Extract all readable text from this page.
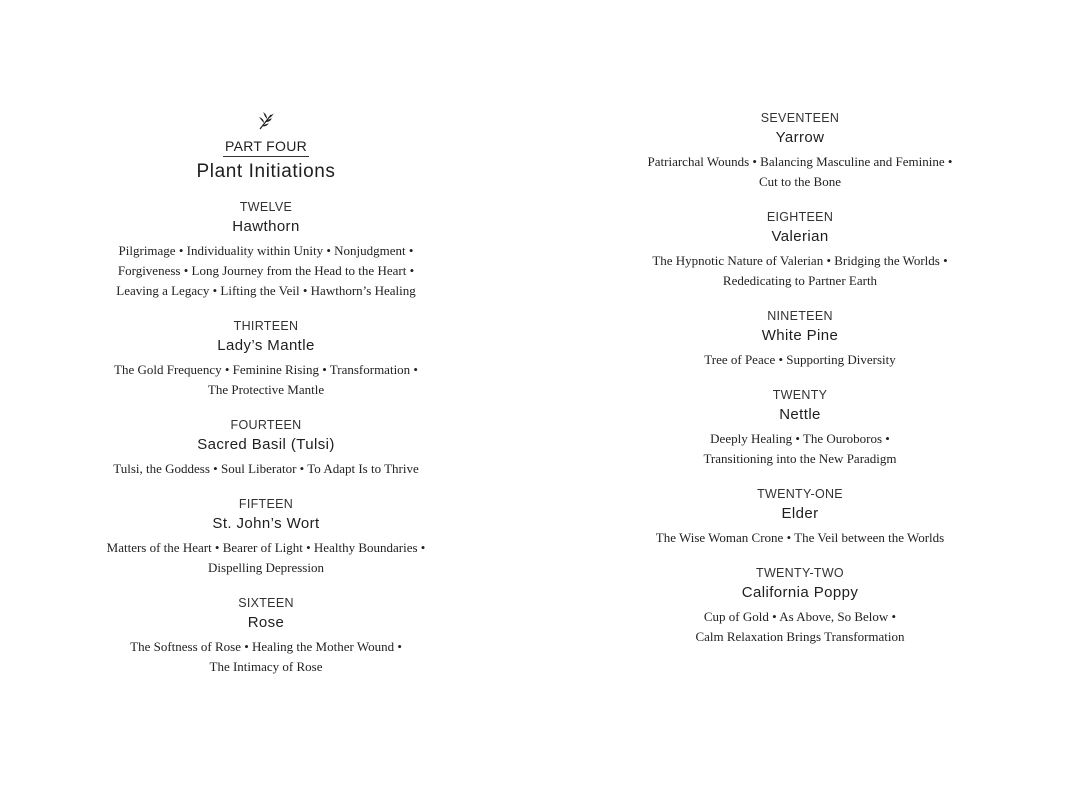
PART FOUR
Plant Initiations
TWELVE
Hawthorn
Pilgrimage • Individuality within Unity • Nonjudgment •
Forgiveness • Long Journey from the Head to the Heart •
Leaving a Legacy • Lifting the Veil • Hawthorn’s Healing
THIRTEEN
Lady’s Mantle
The Gold Frequency • Feminine Rising • Transformation •
The Protective Mantle
FOURTEEN
Sacred Basil (Tulsi)
Tulsi, the Goddess • Soul Liberator • To Adapt Is to Thrive
FIFTEEN
St. John’s Wort
Matters of the Heart • Bearer of Light • Healthy Boundaries •
Dispelling Depression
SIXTEEN
Rose
The Softness of Rose • Healing the Mother Wound •
The Intimacy of Rose
SEVENTEEN
Yarrow
Patriarchal Wounds • Balancing Masculine and Feminine •
Cut to the Bone
EIGHTEEN
Valerian
The Hypnotic Nature of Valerian • Bridging the Worlds •
Rededicating to Partner Earth
NINETEEN
White Pine
Tree of Peace • Supporting Diversity
TWENTY
Nettle
Deeply Healing • The Ouroboros •
Transitioning into the New Paradigm
TWENTY-ONE
Elder
The Wise Woman Crone • The Veil between the Worlds
TWENTY-TWO
California Poppy
Cup of Gold • As Above, So Below •
Calm Relaxation Brings Transformation
